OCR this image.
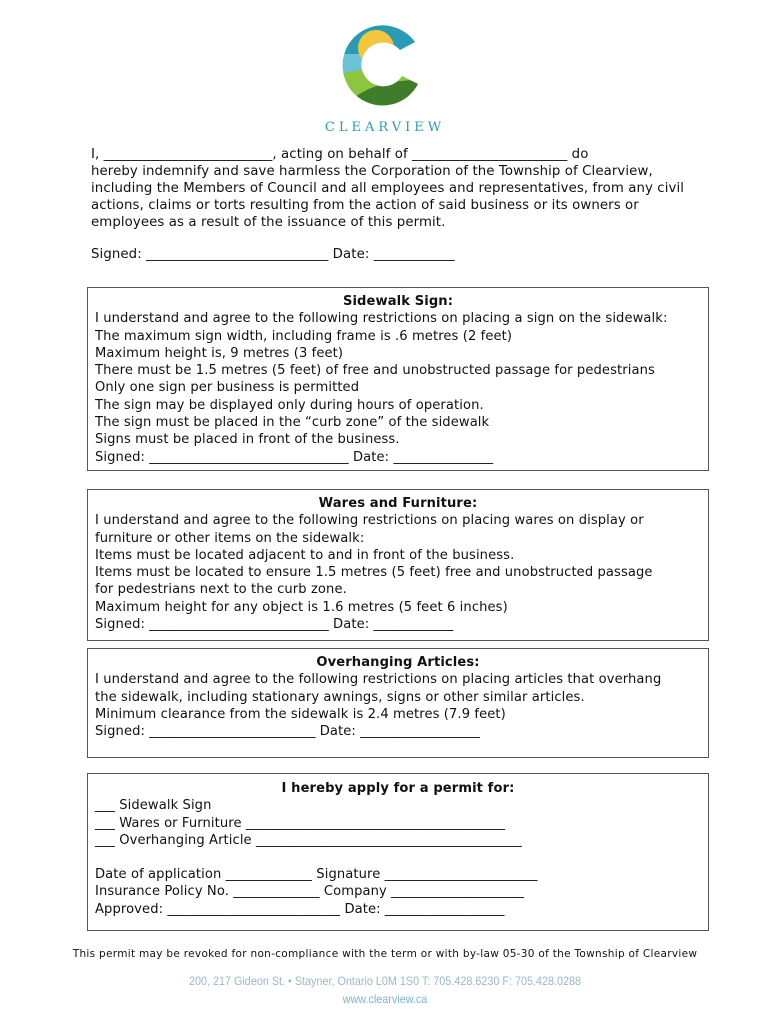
CLEARVIEW

I, _________________________, acting on behalf of _______________________ do

hereby indemnify and save harmless the Corporation of the Township of Clearview,

including the Members of Council and all employees and representatives, from any civil

actions, claims or torts resulting from the action of said business or its owners or

employees as a result of the issuance of this permit.

Signed: ___________________________ Date: ____________
Sidewalk Sign:

I understand and agree to the following restrictions on placing a sign on the sidewalk:

The maximum sign width, including frame is .6 metres (2 feet)

Maximum height is, 9 metres (3 feet)

There must be 1.5 metres (5 feet) of free and unobstructed passage for pedestrians

Only one sign per business is permitted

The sign may be displayed only during hours of operation.

The sign must be placed in the “curb zone” of the sidewalk

Signs must be placed in front of the business.

Signed: ______________________________ Date: _______________

Wares and Furniture:

I understand and agree to the following restrictions on placing wares on display or

furniture or other items on the sidewalk:

Items must be located adjacent to and in front of the business.

Items must be located to ensure 1.5 metres (5 feet) free and unobstructed passage

for pedestrians next to the curb zone.

Maximum height for any object is 1.6 metres (5 feet 6 inches)

Signed: ___________________________ Date: ____________

Overhanging Articles:

I understand and agree to the following restrictions on placing articles that overhang

the sidewalk, including stationary awnings, signs or other similar articles.

Minimum clearance from the sidewalk is 2.4 metres (7.9 feet)

Signed: _________________________ Date: __________________

I hereby apply for a permit for:

___ Sidewalk Sign

___ Wares or Furniture _______________________________________

___ Overhanging Article ________________________________________

Date of application _____________ Signature _______________________

Insurance Policy No. _____________ Company ____________________

Approved: __________________________ Date: __________________

This permit may be revoked for non-compliance with the term or with by-law 05-30 of the Township of Clearview
200, 217 Gideon St. • Stayner, Ontario L0M 1S0 T: 705.428.6230 F: 705.428.0288
www.clearview.ca
